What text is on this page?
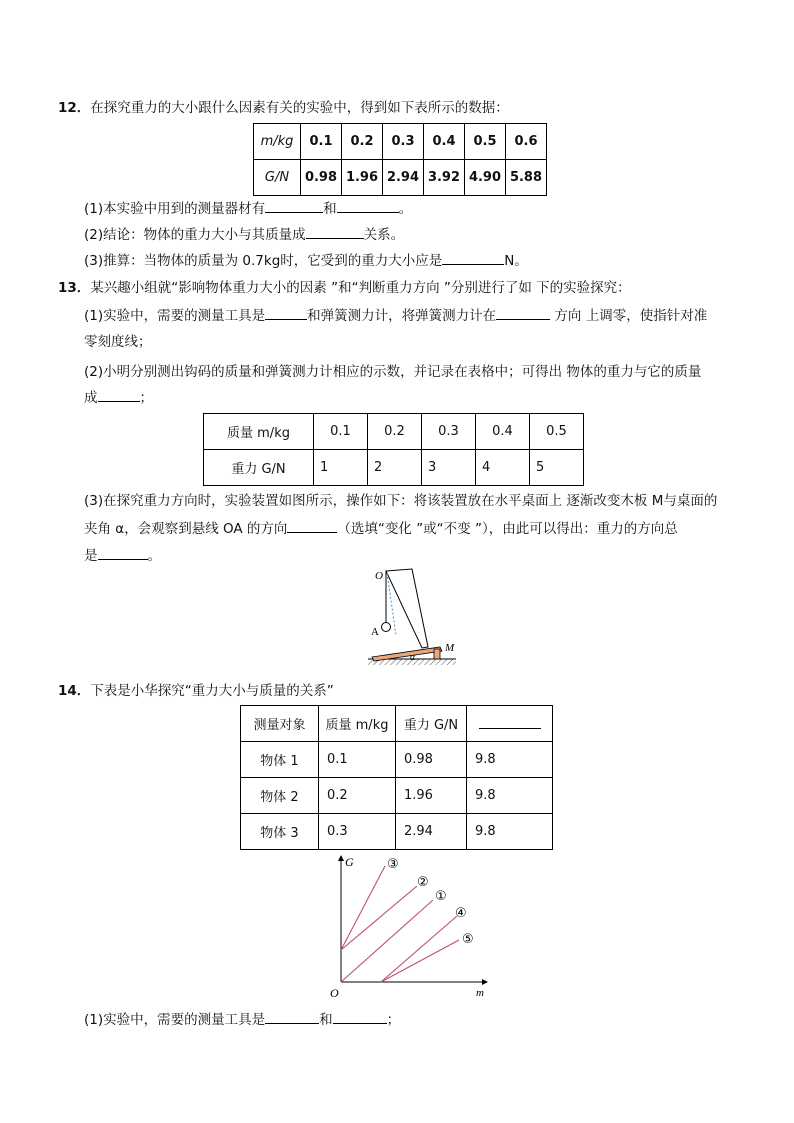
12．在探究重力的大小跟什么因素有关的实验中，得到如下表所示的数据：
m/kg	0.1	0.2	0.3	0.4	0.5	0.6
G/N	0.98	1.96	2.94	3.92	4.90	5.88
(1)本实验中用到的测量器材有	和	。
(2)结论：物体的重力大小与其质量成	关系。
(3)推算：当物体的质量为 0.7kg时，它受到的重力大小应是	N。
13．某兴趣小组就“影响物体重力大小的因素 ”和“判断重力方向 ”分别进行了如 下的实验探究：
(1)实验中，需要的测量工具是	和弹簧测力计，将弹簧测力计在	方向 上调零，使指针对准
零刻度线；
(2)小明分别测出钩码的质量和弹簧测力计相应的示数，并记录在表格中；可得出 物体的重力与它的质量
成	；
质量 m/kg	0.1	0.2	0.3	0.4	0.5
重力 G/N	1	2	3	4	5
(3)在探究重力方向时，实验装置如图所示，操作如下：将该装置放在水平桌面上 逐渐改变木板 M与桌面的
夹角 α，会观察到悬线 OA 的方向	（选填“变化 ”或“不变 ”），由此可以得出：重力的方向总
是	。
O
A
M
α
14．下表是小华探究“重力大小与质量的关系”
测量对象	质量 m/kg	重力 G/N	
物体 1	0.1	0.98	9.8
物体 2	0.2	1.96	9.8
物体 3	0.3	2.94	9.8
G
m
O
③
②
①
④
⑤
(1)实验中，需要的测量工具是	和	；
